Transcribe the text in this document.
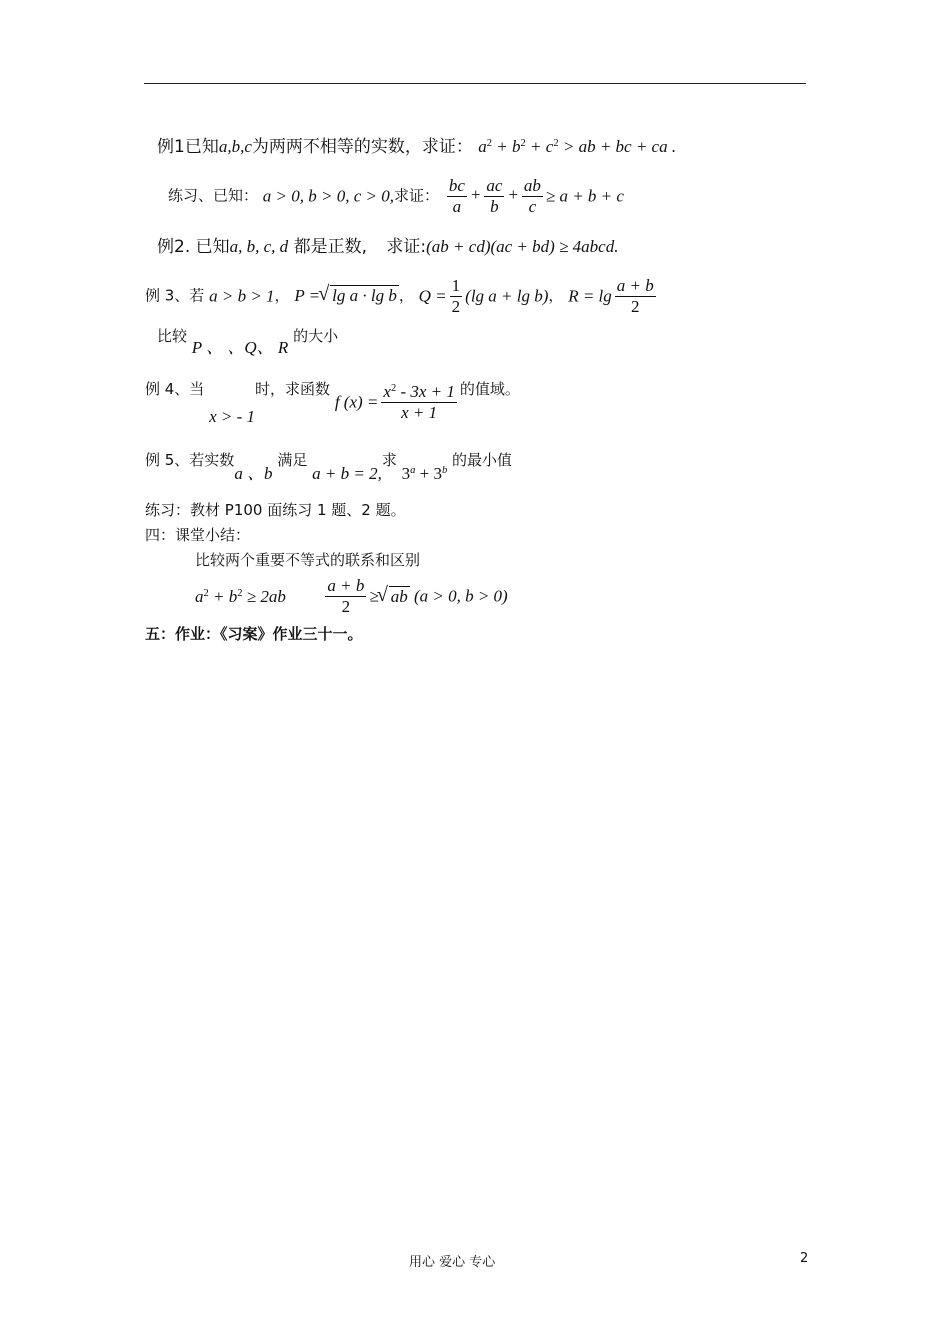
例1已知a,b,c为两两不相等的实数，求证： $a^2 + b^2 + c^2$ > ab + bc + ca .
练习、已知： a > 0, b > 0, c > 0,求证： $\frac{bc}{a} + \frac{ac}{b} + \frac{ab}{c} \ge a + b + c$
例2. 已知a, b, c, d 都是正数, 求证:(ab + cd)(ac + bd) ≥ 4abcd.
例 3、若 a > b > 1， P = √ lg a · lg b ， $Q = \frac{1}{2} (\lg$ a + lg b)， $R = \lg \frac{a + b}{2}$
比较 P 、 、Q、 R 的大小
例 4、当 x > - 1时，求函数 f $(x) = \frac{x^2 - 3x + 1}{x + 1}$ 的值域。
例 5、若实数a 、b 满足 a + b = 2,求 $3^a + 3^b$ 的最小值
练习：教材 P100 面练习 1 题、2 题。
四：课堂小结：
比较两个重要不等式的联系和区别
$a^2 + b^2 \ge 2ab \frac{a + b}{2}$ ≥ √ ab (a > 0, b > 0)
五：作业：《习案》作业三十一。
用心 爱心 专心	2
